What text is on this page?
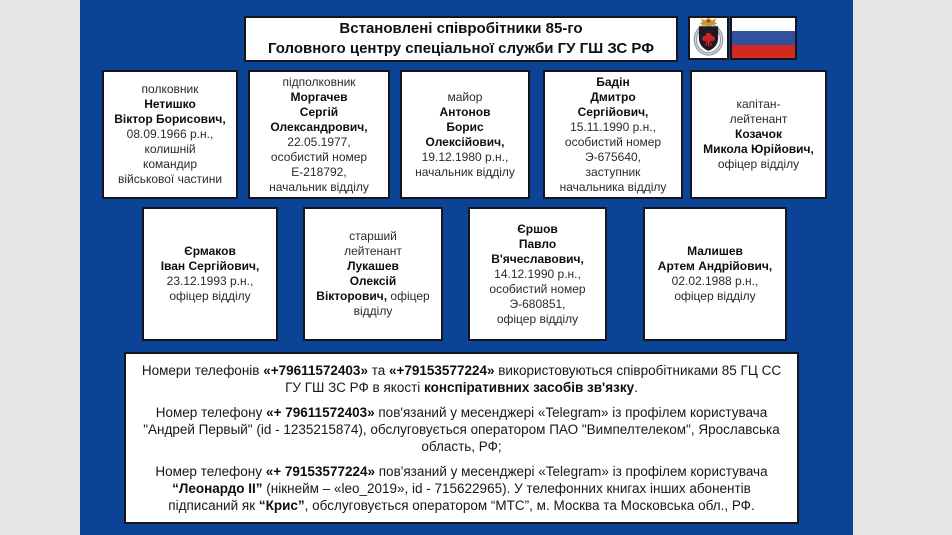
Встановлені співробітники 85-го
Головного центру спеціальної служби ГУ ГШ ЗС РФ
полковник
Нетишко
Віктор Борисович,
08.09.1966 р.н.,
колишній
командир
військової частини
підполковник
Моргачев
Сергій
Олександрович,
22.05.1977,
особистий номер
Е-218792,
начальник відділу
майор
Антонов
Борис
Олексійович,
19.12.1980 р.н.,
начальник відділу
Бадін
Дмитро
Сергійович,
15.11.1990 р.н.,
особистий номер
Э-675640,
заступник
начальника відділу
капітан-
лейтенант
Козачок
Микола Юрійович,
офіцер відділу
Єрмаков
Іван Сергійович,
23.12.1993 р.н.,
офіцер відділу
старший
лейтенант
Лукашев
Олексій
Вікторович, офіцер
відділу
Єршов
Павло
В'ячеславович,
14.12.1990 р.н.,
особистий номер
Э-680851,
офіцер відділу
Малишев
Артем Андрійович,
02.02.1988 р.н.,
офіцер відділу

Номери телефонів «+79611572403» та «+79153577224» використовуються співробітниками 85 ГЦ СС ГУ ГШ ЗС РФ в якості конспіративних засобів зв'язку.

Номер телефону «+ 79611572403» пов'язаний у месенджері «Telegram» із профілем користувача "Андрей Первый" (id - 1235215874), обслуговується оператором ПАО "Вимпелтелеком", Ярославська область, РФ;

Номер телефону «+ 79153577224» пов'язаний у месенджері «Telegram» із профілем користувача “Леонардо ІІ” (нікнейм – «leo_2019», id - 715622965). У телефонних книгах інших абонентів підписаний як “Крис”, обслуговується оператором “МТС”, м. Москва та Московська обл., РФ.
